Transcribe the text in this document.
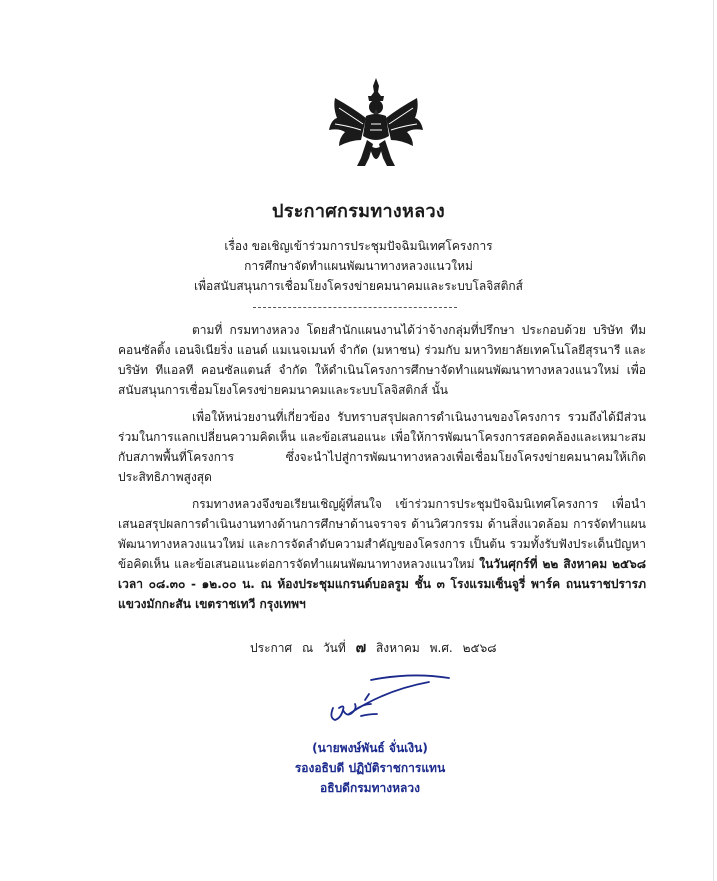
ประกาศกรมทางหลวง
เรื่อง ขอเชิญเข้าร่วมการประชุมปัจฉิมนิเทศโครงการ
การศึกษาจัดทำแผนพัฒนาทางหลวงแนวใหม่
เพื่อสนับสนุนการเชื่อมโยงโครงข่ายคมนาคมและระบบโลจิสติกส์

ตามที่ กรมทางหลวง โดยสำนักแผนงานได้ว่าจ้างกลุ่มที่ปรึกษา ประกอบด้วย บริษัท ทีม คอนซัลติ้ง เอนจิเนียริ่ง แอนด์ แมเนจเมนท์ จำกัด (มหาชน) ร่วมกับ มหาวิทยาลัยเทคโนโลยีสุรนารี และบริษัท ทีแอลที คอนซัลแตนส์ จำกัด ให้ดำเนินโครงการศึกษาจัดทำแผนพัฒนาทางหลวงแนวใหม่ เพื่อสนับสนุนการเชื่อมโยงโครงข่ายคมนาคมและระบบโลจิสติกส์ นั้น

เพื่อให้หน่วยงานที่เกี่ยวข้อง รับทราบสรุปผลการดำเนินงานของโครงการ รวมถึงได้มีส่วนร่วมในการแลกเปลี่ยนความคิดเห็น และข้อเสนอแนะ เพื่อให้การพัฒนาโครงการสอดคล้องและเหมาะสมกับสภาพพื้นที่โครงการ ซึ่งจะนำไปสู่การพัฒนาทางหลวงเพื่อเชื่อมโยงโครงข่ายคมนาคมให้เกิดประสิทธิภาพสูงสุด

กรมทางหลวงจึงขอเรียนเชิญผู้ที่สนใจ เข้าร่วมการประชุมปัจฉิมนิเทศโครงการ เพื่อนำเสนอสรุปผลการดำเนินงานทางด้านการศึกษาด้านจราจร ด้านวิศวกรรม ด้านสิ่งแวดล้อม การจัดทำแผนพัฒนาทางหลวงแนวใหม่ และการจัดลำดับความสำคัญของโครงการ เป็นต้น รวมทั้งรับฟังประเด็นปัญหาข้อคิดเห็น และข้อเสนอแนะต่อการจัดทำแผนพัฒนาทางหลวงแนวใหม่ ในวันศุกร์ที่ ๒๒ สิงหาคม ๒๕๖๘ เวลา ๐๘.๓๐ - ๑๒.๐๐ น. ณ ห้องประชุมแกรนด์บอลรูม ชั้น ๓ โรงแรมเซ็นจูรี่ พาร์ค ถนนราชปรารภ แขวงมักกะสัน เขตราชเทวี กรุงเทพฯ

ประกาศ ณ วันที่ ๗ สิงหาคม พ.ศ. ๒๕๖๘
(นายพงษ์พันธ์ จั่นเงิน)
รองอธิบดี ปฏิบัติราชการแทน
อธิบดีกรมทางหลวง
